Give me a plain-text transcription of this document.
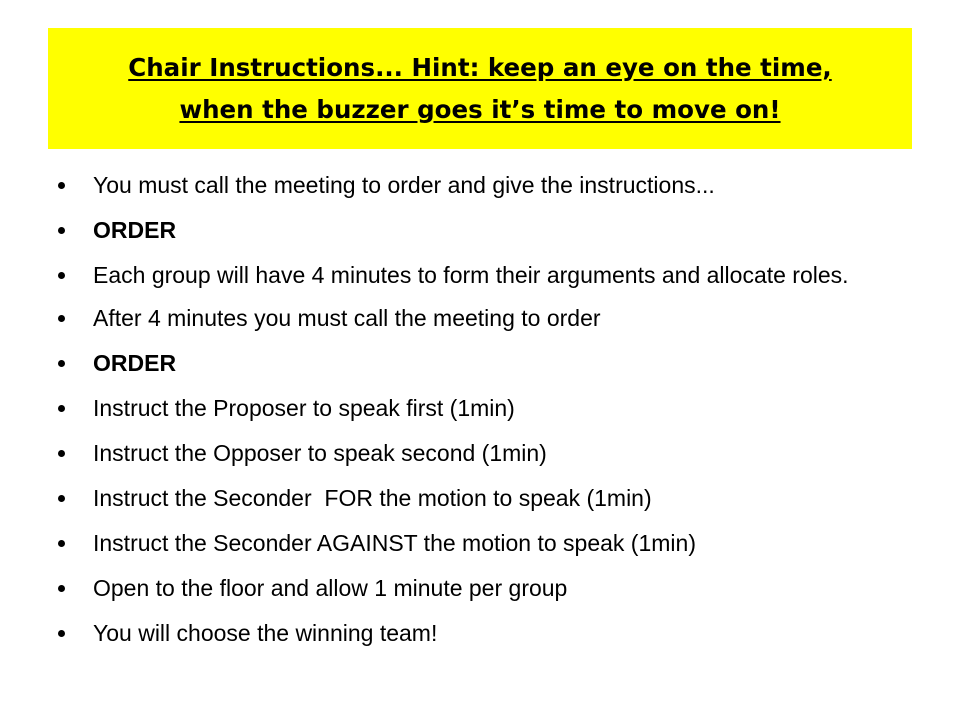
Chair Instructions... Hint: keep an eye on the time,
when the buzzer goes it’s time to move on!
You must call the meeting to order and give the instructions...
ORDER
Each group will have 4 minutes to form their arguments and allocate roles.
After 4 minutes you must call the meeting to order
ORDER
Instruct the Proposer to speak first (1min)
Instruct the Opposer to speak second (1min)
Instruct the Seconder  FOR the motion to speak (1min)
Instruct the Seconder AGAINST the motion to speak (1min)
Open to the floor and allow 1 minute per group
You will choose the winning team!
